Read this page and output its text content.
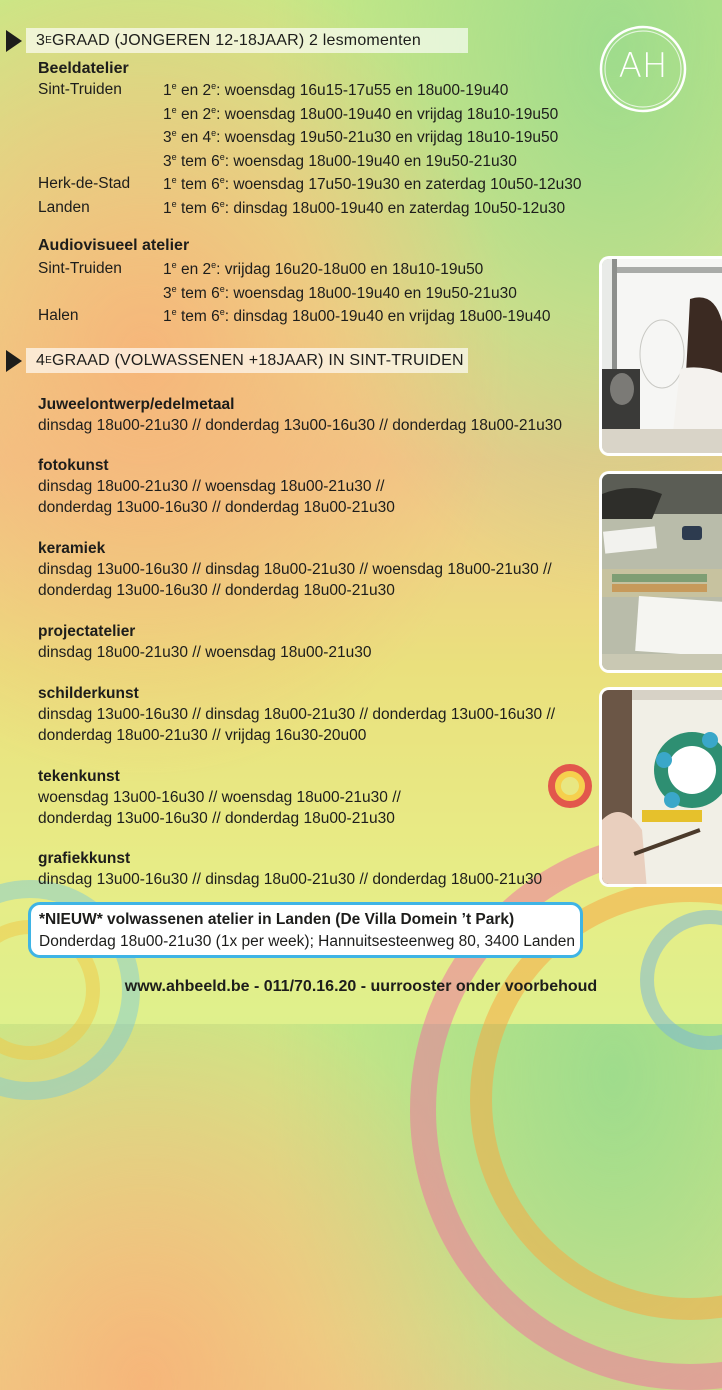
AH
3 E GRAAD (JONGEREN 12-18JAAR) 2 lesmomenten
Beeldatelier
Sint-Truiden	1e en 2e: woensdag 16u15-17u55 en 18u00-19u40
1e en 2e: woensdag 18u00-19u40 en vrijdag 18u10-19u50
3e en 4e: woensdag 19u50-21u30 en vrijdag 18u10-19u50
3e tem 6e: woensdag 18u00-19u40 en 19u50-21u30
Herk-de-Stad 1e tem 6e: woensdag 17u50-19u30 en zaterdag 10u50-12u30
Landen	1e tem 6e: dinsdag 18u00-19u40 en zaterdag 10u50-12u30
Audiovisueel atelier
Sint-Truiden	1e en 2e: vrijdag 16u20-18u00 en 18u10-19u50
3e tem 6e: woensdag 18u00-19u40 en 19u50-21u30
Halen	1e tem 6e: dinsdag 18u00-19u40 en vrijdag 18u00-19u40
4 E GRAAD (VOLWASSENEN +18JAAR) IN SINT-TRUIDEN
Juweelontwerp/edelmetaal
dinsdag 18u00-21u30 // donderdag 13u00-16u30 // donderdag 18u00-21u30
fotokunst
dinsdag 18u00-21u30 // woensdag 18u00-21u30 //
donderdag 13u00-16u30 // donderdag 18u00-21u30
keramiek
dinsdag 13u00-16u30 // dinsdag 18u00-21u30 // woensdag 18u00-21u30 //
donderdag 13u00-16u30 // donderdag 18u00-21u30
projectatelier
dinsdag 18u00-21u30 // woensdag 18u00-21u30
schilderkunst
dinsdag 13u00-16u30 // dinsdag 18u00-21u30 // donderdag 13u00-16u30 //
donderdag 18u00-21u30 // vrijdag 16u30-20u00
tekenkunst
woensdag 13u00-16u30 // woensdag 18u00-21u30 //
donderdag 13u00-16u30 // donderdag 18u00-21u30
grafiekkunst
dinsdag 13u00-16u30 // dinsdag 18u00-21u30 // donderdag 18u00-21u30
*NIEUW* volwassenen atelier in Landen (De Villa Domein ’t Park)
Donderdag 18u00-21u30 (1x per week); Hannuitsesteenweg 80, 3400 Landen
www.ahbeeld.be - 011/70.16.20 - uurrooster onder voorbehoud
